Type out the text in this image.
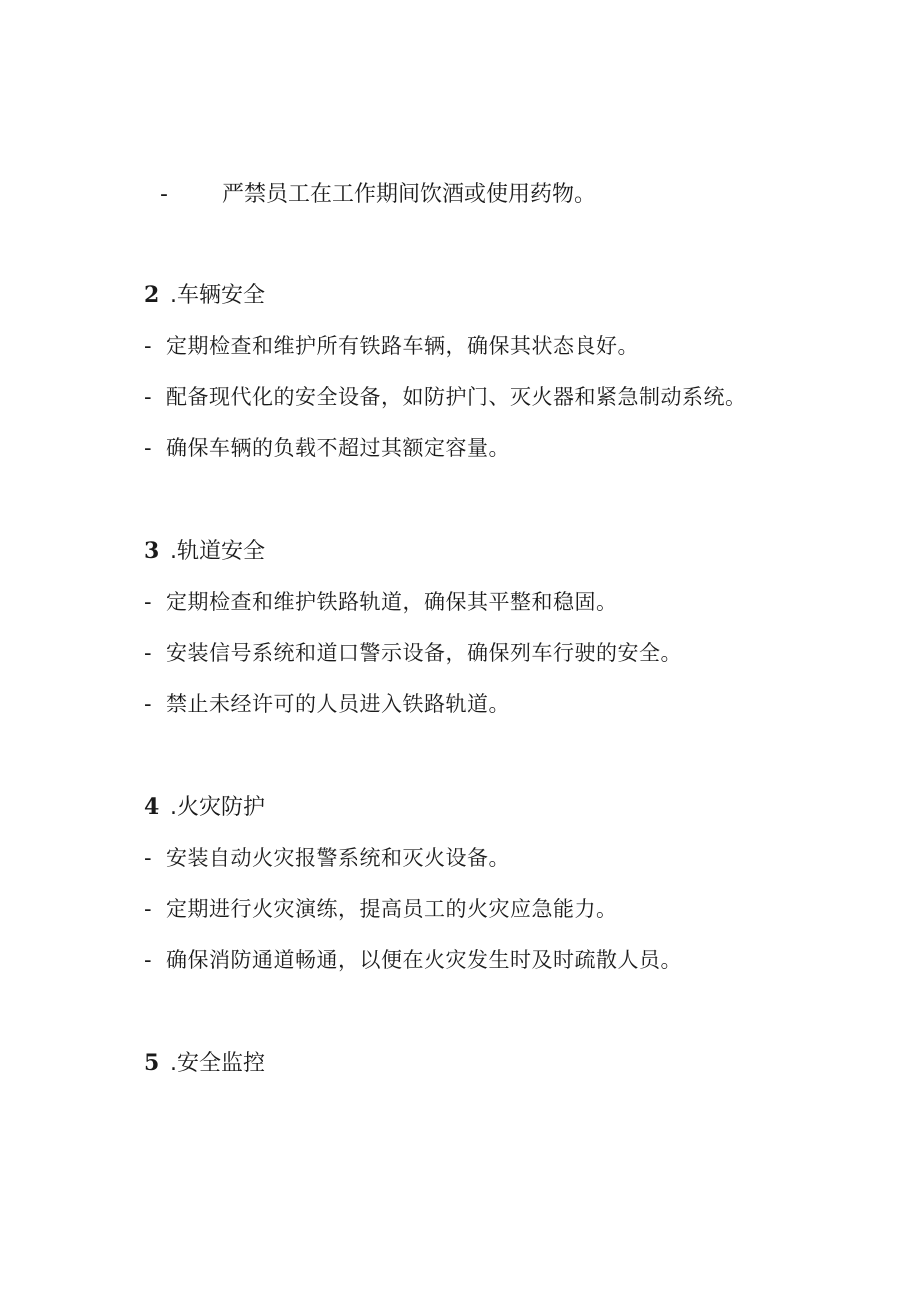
- 严禁员工在工作期间饮酒或使用药物。
2 .车辆安全
- 定期检查和维护所有铁路车辆，确保其状态良好。
- 配备现代化的安全设备，如防护门、灭火器和紧急制动系统。
- 确保车辆的负载不超过其额定容量。
3 .轨道安全
- 定期检查和维护铁路轨道，确保其平整和稳固。
- 安装信号系统和道口警示设备，确保列车行驶的安全。
- 禁止未经许可的人员进入铁路轨道。
4 .火灾防护
- 安装自动火灾报警系统和灭火设备。
- 定期进行火灾演练，提高员工的火灾应急能力。
- 确保消防通道畅通，以便在火灾发生时及时疏散人员。
5 .安全监控
